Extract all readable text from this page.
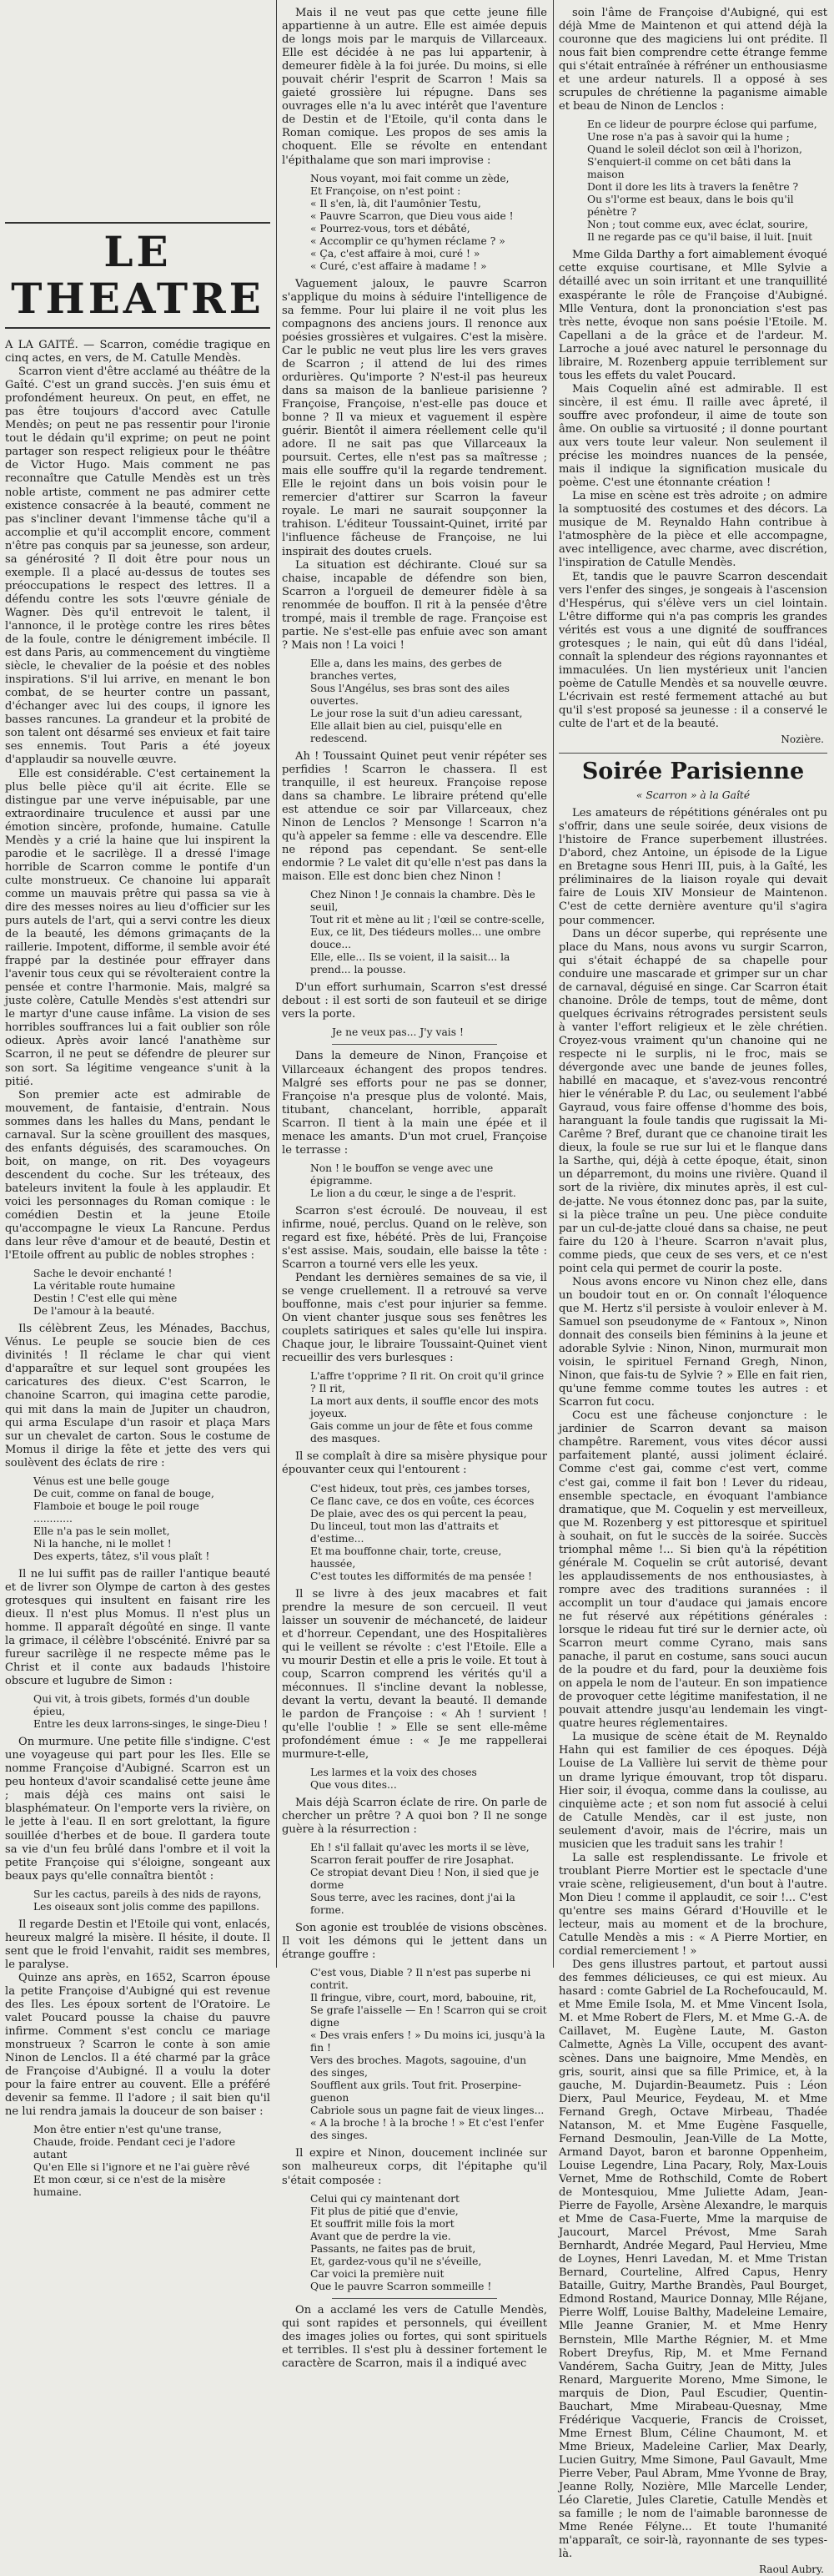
LE THEATRE

A LA GAITÉ. — Scarron, comédie tragique en cinq actes, en vers, de M. Catulle Mendès.

Scarron vient d'être acclamé au théâtre de la Gaîté. C'est un grand succès. J'en suis ému et profondément heureux. On peut, en effet, ne pas être toujours d'accord avec Catulle Mendès; on peut ne pas ressentir pour l'ironie tout le dédain qu'il exprime; on peut ne point partager son respect religieux pour le théâtre de Victor Hugo. Mais comment ne pas reconnaître que Catulle Mendès est un très noble artiste, comment ne pas admirer cette existence consacrée à la beauté, comment ne pas s'incliner devant l'immense tâche qu'il a accomplie et qu'il accomplit encore, comment n'être pas conquis par sa jeunesse, son ardeur, sa générosité ? Il doit être pour nous un exemple. Il a placé au-dessus de toutes ses préoccupations le respect des lettres. Il a défendu contre les sots l'œuvre géniale de Wagner. Dès qu'il entrevoit le talent, il l'annonce, il le protège contre les rires bêtes de la foule, contre le dénigrement imbécile. Il est dans Paris, au commencement du vingtième siècle, le chevalier de la poésie et des nobles inspirations. S'il lui arrive, en menant le bon combat, de se heurter contre un passant, d'échanger avec lui des coups, il ignore les basses rancunes. La grandeur et la probité de son talent ont désarmé ses envieux et fait taire ses ennemis. Tout Paris a été joyeux d'applaudir sa nouvelle œuvre.

Elle est considérable. C'est certainement la plus belle pièce qu'il ait écrite. Elle se distingue par une verve inépuisable, par une extraordinaire truculence et aussi par une émotion sincère, profonde, humaine. Catulle Mendès y a crié la haine que lui inspirent la parodie et le sacrilège. Il a dressé l'image horrible de Scarron comme le pontife d'un culte monstrueux. Ce chanoine lui apparaît comme un mauvais prêtre qui passa sa vie à dire des messes noires au lieu d'officier sur les purs autels de l'art, qui a servi contre les dieux de la beauté, les démons grimaçants de la raillerie. Impotent, difforme, il semble avoir été frappé par la destinée pour effrayer dans l'avenir tous ceux qui se révolteraient contre la pensée et contre l'harmonie. Mais, malgré sa juste colère, Catulle Mendès s'est attendri sur le martyr d'une cause infâme. La vision de ses horribles souffrances lui a fait oublier son rôle odieux. Après avoir lancé l'anathème sur Scarron, il ne peut se défendre de pleurer sur son sort. Sa légitime vengeance s'unit à la pitié.

Son premier acte est admirable de mouvement, de fantaisie, d'entrain. Nous sommes dans les halles du Mans, pendant le carnaval. Sur la scène grouillent des masques, des enfants déguisés, des scaramouches. On boit, on mange, on rit. Des voyageurs descendent du coche. Sur les tréteaux, des bateleurs invitent la foule à les applaudir. Et voici les personnages du Roman comique : le comédien Destin et la jeune Etoile qu'accompagne le vieux La Rancune. Perdus dans leur rêve d'amour et de beauté, Destin et l'Etoile offrent au public de nobles strophes :

Sache le devoir enchanté !
La véritable route humaine
Destin ! C'est elle qui mène
De l'amour à la beauté.

Ils célèbrent Zeus, les Ménades, Bacchus, Vénus. Le peuple se soucie bien de ces divinités ! Il réclame le char qui vient d'apparaître et sur lequel sont groupées les caricatures des dieux. C'est Scarron, le chanoine Scarron, qui imagina cette parodie, qui mit dans la main de Jupiter un chaudron, qui arma Esculape d'un rasoir et plaça Mars sur un chevalet de carton. Sous le costume de Momus il dirige la fête et jette des vers qui soulèvent des éclats de rire :

Vénus est une belle gouge
De cuit, comme on fanal de bouge,
Flamboie et bouge le poil rouge
............
Elle n'a pas le sein mollet,
Ni la hanche, ni le mollet !
Des experts, tâtez, s'il vous plaît !

Il ne lui suffit pas de railler l'antique beauté et de livrer son Olympe de carton à des gestes grotesques qui insultent en faisant rire les dieux. Il n'est plus Momus. Il n'est plus un homme. Il apparaît dégoûté en singe. Il vante la grimace, il célèbre l'obscénité. Enivré par sa fureur sacrilège il ne respecte même pas le Christ et il conte aux badauds l'histoire obscure et lugubre de Simon :

Qui vit, à trois gibets, formés d'un double épieu,
Entre les deux larrons-singes, le singe-Dieu !

On murmure. Une petite fille s'indigne. C'est une voyageuse qui part pour les Iles. Elle se nomme Françoise d'Aubigné. Scarron est un peu honteux d'avoir scandalisé cette jeune âme ; mais déjà ces mains ont saisi le blasphémateur. On l'emporte vers la rivière, on le jette à l'eau. Il en sort grelottant, la figure souillée d'herbes et de boue. Il gardera toute sa vie d'un feu brûlé dans l'ombre et il voit la petite Françoise qui s'éloigne, songeant aux beaux pays qu'elle connaîtra bientôt :

Sur les cactus, pareils à des nids de rayons,
Les oiseaux sont jolis comme des papillons.

Il regarde Destin et l'Etoile qui vont, enlacés, heureux malgré la misère. Il hésite, il doute. Il sent que le froid l'envahit, raidit ses membres, le paralyse.

Quinze ans après, en 1652, Scarron épouse la petite Françoise d'Aubigné qui est revenue des Iles. Les époux sortent de l'Oratoire. Le valet Poucard pousse la chaise du pauvre infirme. Comment s'est conclu ce mariage monstrueux ? Scarron le conte à son amie Ninon de Lenclos. Il a été charmé par la grâce de Françoise d'Aubigné. Il a voulu la doter pour la faire entrer au couvent. Elle a préféré devenir sa femme. Il l'adore ; il sait bien qu'il ne lui rendra jamais la douceur de son baiser :

Mon être entier n'est qu'une transe,
Chaude, froide. Pendant ceci je l'adore autant
Qu'en Elle si l'ignore et ne l'ai guère rêvé
Et mon cœur, si ce n'est de la misère humaine.

Mais il ne veut pas que cette jeune fille appartienne à un autre. Elle est aimée depuis de longs mois par le marquis de Villarceaux. Elle est décidée à ne pas lui appartenir, à demeurer fidèle à la foi jurée. Du moins, si elle pouvait chérir l'esprit de Scarron ! Mais sa gaieté grossière lui répugne. Dans ses ouvrages elle n'a lu avec intérêt que l'aventure de Destin et de l'Etoile, qu'il conta dans le Roman comique. Les propos de ses amis la choquent. Elle se révolte en entendant l'épithalame que son mari improvise :

Nous voyant, moi fait comme un zède,
Et Françoise, on n'est point :
« Il s'en, là, dit l'aumônier Testu,
« Pauvre Scarron, que Dieu vous aide !
« Pourrez-vous, tors et débâté,
« Accomplir ce qu'hymen réclame ? »
« Ça, c'est affaire à moi, curé ! »
« Curé, c'est affaire à madame ! »

Vaguement jaloux, le pauvre Scarron s'applique du moins à séduire l'intelligence de sa femme. Pour lui plaire il ne voit plus les compagnons des anciens jours. Il renonce aux poésies grossières et vulgaires. C'est la misère. Car le public ne veut plus lire les vers graves de Scarron ; il attend de lui des rimes ordurières. Qu'importe ? N'est-il pas heureux dans sa maison de la banlieue parisienne ? Françoise, Françoise, n'est-elle pas douce et bonne ? Il va mieux et vaguement il espère guérir. Bientôt il aimera réellement celle qu'il adore. Il ne sait pas que Villarceaux la poursuit. Certes, elle n'est pas sa maîtresse ; mais elle souffre qu'il la regarde tendrement. Elle le rejoint dans un bois voisin pour le remercier d'attirer sur Scarron la faveur royale. Le mari ne saurait soupçonner la trahison. L'éditeur Toussaint-Quinet, irrité par l'influence fâcheuse de Françoise, ne lui inspirait des doutes cruels.

La situation est déchirante. Cloué sur sa chaise, incapable de défendre son bien, Scarron a l'orgueil de demeurer fidèle à sa renommée de bouffon. Il rit à la pensée d'être trompé, mais il tremble de rage. Françoise est partie. Ne s'est-elle pas enfuie avec son amant ? Mais non ! La voici !

Elle a, dans les mains, des gerbes de branches vertes,
Sous l'Angélus, ses bras sont des ailes ouvertes.
Le jour rose la suit d'un adieu caressant,
Elle allait bien au ciel, puisqu'elle en redescend.

Ah ! Toussaint Quinet peut venir répéter ses perfidies ! Scarron le chassera. Il est tranquille, il est heureux. Françoise repose dans sa chambre. Le libraire prétend qu'elle est attendue ce soir par Villarceaux, chez Ninon de Lenclos ? Mensonge ! Scarron n'a qu'à appeler sa femme : elle va descendre. Elle ne répond pas cependant. Se sent-elle endormie ? Le valet dit qu'elle n'est pas dans la maison. Elle est donc bien chez Ninon !

Chez Ninon ! Je connais la chambre. Dès le seuil,
Tout rit et mène au lit ; l'œil se contre-scelle,
Eux, ce lit, Des tiédeurs molles... une ombre douce...
Elle, elle... Ils se voient, il la saisit... la prend... la pousse.

D'un effort surhumain, Scarron s'est dressé debout : il est sorti de son fauteuil et se dirige vers la porte.

Je ne veux pas... J'y vais !

Dans la demeure de Ninon, Françoise et Villarceaux échangent des propos tendres. Malgré ses efforts pour ne pas se donner, Françoise n'a presque plus de volonté. Mais, titubant, chancelant, horrible, apparaît Scarron. Il tient à la main une épée et il menace les amants. D'un mot cruel, Françoise le terrasse :

Non ! le bouffon se venge avec une épigramme.
Le lion a du cœur, le singe a de l'esprit.

Scarron s'est écroulé. De nouveau, il est infirme, noué, perclus. Quand on le relève, son regard est fixe, hébété. Près de lui, Françoise s'est assise. Mais, soudain, elle baisse la tête : Scarron a tourné vers elle les yeux.

Pendant les dernières semaines de sa vie, il se venge cruellement. Il a retrouvé sa verve bouffonne, mais c'est pour injurier sa femme. On vient chanter jusque sous ses fenêtres les couplets satiriques et sales qu'elle lui inspira. Chaque jour, le libraire Toussaint-Quinet vient recueillir des vers burlesques :

L'affre t'opprime ? Il rit. On croit qu'il grince ? Il rit,
La mort aux dents, il souffle encor des mots joyeux.
Gais comme un jour de fête et fous comme des masques.

Il se complaît à dire sa misère physique pour épouvanter ceux qui l'entourent :

C'est hideux, tout près, ces jambes torses,
Ce flanc cave, ce dos en voûte, ces écorces
De plaie, avec des os qui percent la peau,
Du linceul, tout mon las d'attraits et d'estime...
Et ma bouffonne chair, torte, creuse, haussée,
C'est toutes les difformités de ma pensée !

Il se livre à des jeux macabres et fait prendre la mesure de son cercueil. Il veut laisser un souvenir de méchanceté, de laideur et d'horreur. Cependant, une des Hospitalières qui le veillent se révolte : c'est l'Etoile. Elle a vu mourir Destin et elle a pris le voile. Et tout à coup, Scarron comprend les vérités qu'il a méconnues. Il s'incline devant la noblesse, devant la vertu, devant la beauté. Il demande le pardon de Françoise : « Ah ! survient ! qu'elle l'oublie ! » Elle se sent elle-même profondément émue : « Je me rappellerai murmure-t-elle,

Les larmes et la voix des choses
Que vous dites...

Mais déjà Scarron éclate de rire. On parle de chercher un prêtre ? A quoi bon ? Il ne songe guère à la résurrection :

Eh ! s'il fallait qu'avec les morts il se lève,
Scarron ferait pouffer de rire Josaphat.
Ce stropiat devant Dieu ! Non, il sied que je dorme
Sous terre, avec les racines, dont j'ai la forme.

Son agonie est troublée de visions obscènes. Il voit les démons qui le jettent dans un étrange gouffre :

C'est vous, Diable ? Il n'est pas superbe ni contrit.
Il fringue, vibre, court, mord, babouine, rit,
Se grafe l'aisselle — En ! Scarron qui se croit digne
« Des vrais enfers ! » Du moins ici, jusqu'à la fin !
Vers des broches. Magots, sagouine, d'un des singes,
Soufflent aux grils. Tout frit. Proserpine-guenon
Cabriole sous un pagne fait de vieux linges...
« A la broche ! à la broche ! » Et c'est l'enfer des singes.

Il expire et Ninon, doucement inclinée sur son malheureux corps, dit l'épitaphe qu'il s'était composée :

Celui qui cy maintenant dort
Fit plus de pitié que d'envie,
Et souffrit mille fois la mort
Avant que de perdre la vie.
Passants, ne faites pas de bruit,
Et, gardez-vous qu'il ne s'éveille,
Car voici la première nuit
Que le pauvre Scarron sommeille !

On a acclamé les vers de Catulle Mendès, qui sont rapides et personnels, qui éveillent des images jolies ou fortes, qui sont spirituels et terribles. Il s'est plu à dessiner fortement le caractère de Scarron, mais il a indiqué avec

soin l'âme de Françoise d'Aubigné, qui est déjà Mme de Maintenon et qui attend déjà la couronne que des magiciens lui ont prédite. Il nous fait bien comprendre cette étrange femme qui s'était entraînée à réfréner un enthousiasme et une ardeur naturels. Il a opposé à ses scrupules de chrétienne la paganisme aimable et beau de Ninon de Lenclos :

En ce lideur de pourpre éclose qui parfume,
Une rose n'a pas à savoir qui la hume ;
Quand le soleil déclot son œil à l'horizon,
S'enquiert-il comme on cet bâti dans la maison
Dont il dore les lits à travers la fenêtre ?
Ou s'l'orme est beaux, dans le bois qu'il pénètre ?
Non ; tout comme eux, avec éclat, sourire,
Il ne regarde pas ce qu'il baise, il luit. [nuit

Mme Gilda Darthy a fort aimablement évoqué cette exquise courtisane, et Mlle Sylvie a détaillé avec un soin irritant et une tranquillité exaspérante le rôle de Françoise d'Aubigné. Mlle Ventura, dont la prononciation s'est pas très nette, évoque non sans poésie l'Etoile. M. Capellani a de la grâce et de l'ardeur. M. Larroche a joué avec naturel le personnage du libraire, M. Rozenberg appuie terriblement sur tous les effets du valet Poucard.

Mais Coquelin aîné est admirable. Il est sincère, il est ému. Il raille avec âpreté, il souffre avec profondeur, il aime de toute son âme. On oublie sa virtuosité ; il donne pourtant aux vers toute leur valeur. Non seulement il précise les moindres nuances de la pensée, mais il indique la signification musicale du poème. C'est une étonnante création !

La mise en scène est très adroite ; on admire la somptuosité des costumes et des décors. La musique de M. Reynaldo Hahn contribue à l'atmosphère de la pièce et elle accompagne, avec intelligence, avec charme, avec discrétion, l'inspiration de Catulle Mendès.

Et, tandis que le pauvre Scarron descendait vers l'enfer des singes, je songeais à l'ascension d'Hespérus, qui s'élève vers un ciel lointain. L'être difforme qui n'a pas compris les grandes vérités est vous a une dignité de souffrances grotesques ; le nain, qui eût dû dans l'idéal, connaît la splendeur des régions rayonnantes et immaculées. Un lien mystérieux unit l'ancien poème de Catulle Mendès et sa nouvelle œuvre. L'écrivain est resté fermement attaché au but qu'il s'est proposé sa jeunesse : il a conservé le culte de l'art et de la beauté.

Nozière.

Soirée Parisienne

« Scarron » à la Gaîté

Les amateurs de répétitions générales ont pu s'offrir, dans une seule soirée, deux visions de l'histoire de France superbement illustrées. D'abord, chez Antoine, un épisode de la Ligue en Bretagne sous Henri III, puis, à la Gaîté, les préliminaires de la liaison royale qui devait faire de Louis XIV Monsieur de Maintenon. C'est de cette dernière aventure qu'il s'agira pour commencer.

Dans un décor superbe, qui représente une place du Mans, nous avons vu surgir Scarron, qui s'était échappé de sa chapelle pour conduire une mascarade et grimper sur un char de carnaval, déguisé en singe. Car Scarron était chanoine. Drôle de temps, tout de même, dont quelques écrivains rétrogrades persistent seuls à vanter l'effort religieux et le zèle chrétien. Croyez-vous vraiment qu'un chanoine qui ne respecte ni le surplis, ni le froc, mais se dévergonde avec une bande de jeunes folles, habillé en macaque, et s'avez-vous rencontré hier le vénérable P. du Lac, ou seulement l'abbé Gayraud, vous faire offense d'homme des bois, haranguant la foule tandis que rugissait la Mi-Carême ? Bref, durant que ce chanoine tirait les dieux, la foule se rue sur lui et le flanque dans la Sarthe, qui, déjà à cette époque, était, sinon un déparremont, du moins une rivière. Quand il sort de la rivière, dix minutes après, il est cul-de-jatte. Ne vous étonnez donc pas, par la suite, si la pièce traîne un peu. Une pièce conduite par un cul-de-jatte cloué dans sa chaise, ne peut faire du 120 à l'heure. Scarron n'avait plus, comme pieds, que ceux de ses vers, et ce n'est point cela qui permet de courir la poste.

Nous avons encore vu Ninon chez elle, dans un boudoir tout en or. On connaît l'éloquence que M. Hertz s'il persiste à vouloir enlever à M. Samuel son pseudonyme de « Fantoux », Ninon donnait des conseils bien féminins à la jeune et adorable Sylvie : Ninon, Ninon, murmurait mon voisin, le spirituel Fernand Gregh, Ninon, Ninon, que fais-tu de Sylvie ? » Elle en fait rien, qu'une femme comme toutes les autres : et Scarron fut cocu.

Cocu est une fâcheuse conjoncture : le jardinier de Scarron devant sa maison champêtre. Rarement, vous vites décor aussi parfaitement planté, aussi joliment éclairé. Comme c'est gai, comme c'est vert, comme c'est gai, comme il fait bon ! Lever du rideau, ensemble spectacle, en évoquant l'ambiance dramatique, que M. Coquelin y est merveilleux, que M. Rozenberg y est pittoresque et spirituel à souhait, on fut le succès de la soirée. Succès triomphal même !... Si bien qu'à la répétition générale M. Coquelin se crût autorisé, devant les applaudissements de nos enthousiastes, à rompre avec des traditions surannées : il accomplit un tour d'audace qui jamais encore ne fut réservé aux répétitions générales : lorsque le rideau fut tiré sur le dernier acte, où Scarron meurt comme Cyrano, mais sans panache, il parut en costume, sans souci aucun de la poudre et du fard, pour la deuxième fois on appela le nom de l'auteur. En son impatience de provoquer cette légitime manifestation, il ne pouvait attendre jusqu'au lendemain les vingt-quatre heures réglementaires.

La musique de scène était de M. Reynaldo Hahn qui est familier de ces époques. Déjà Louise de La Vallière lui servit de thème pour un drame lyrique émouvant, trop tôt disparu. Hier soir, il évoqua, comme dans la coulisse, au cinquième acte ; et son nom fut associé à celui de Catulle Mendès, car il est juste, non seulement d'avoir, mais de l'écrire, mais un musicien que les traduit sans les trahir !

La salle est resplendissante. Le frivole et troublant Pierre Mortier est le spectacle d'une vraie scène, religieusement, d'un bout à l'autre. Mon Dieu ! comme il applaudit, ce soir !... C'est qu'entre ses mains Gérard d'Houville et le lecteur, mais au moment et de la brochure, Catulle Mendès a mis : « A Pierre Mortier, en cordial remerciement ! »

Des gens illustres partout, et partout aussi des femmes délicieuses, ce qui est mieux. Au hasard : comte Gabriel de La Rochefoucauld, M. et Mme Emile Isola, M. et Mme Vincent Isola, M. et Mme Robert de Flers, M. et Mme G.-A. de Caillavet, M. Eugène Laute, M. Gaston Calmette, Agnès La Ville, occupent des avant-scènes. Dans une baignoire, Mme Mendès, en gris, sourit, ainsi que sa fille Primice, et, à la gauche, M. Dujardin-Beaumetz. Puis : Léon Dierx, Paul Meurice, Feydeau, M. et Mme Fernand Gregh, Octave Mirbeau, Thadée Natanson, M. et Mme Eugène Fasquelle, Fernand Desmoulin, Jean-Ville de La Motte, Armand Dayot, baron et baronne Oppenheim, Louise Legendre, Lina Pacary, Roly, Max-Louis Vernet, Mme de Rothschild, Comte de Robert de Montesquiou, Mme Juliette Adam, Jean-Pierre de Fayolle, Arsène Alexandre, le marquis et Mme de Casa-Fuerte, Mme la marquise de Jaucourt, Marcel Prévost, Mme Sarah Bernhardt, Andrée Megard, Paul Hervieu, Mme de Loynes, Henri Lavedan, M. et Mme Tristan Bernard, Courteline, Alfred Capus, Henry Bataille, Guitry, Marthe Brandès, Paul Bourget, Edmond Rostand, Maurice Donnay, Mlle Réjane, Pierre Wolff, Louise Balthy, Madeleine Lemaire, Mlle Jeanne Granier, M. et Mme Henry Bernstein, Mlle Marthe Régnier, M. et Mme Robert Dreyfus, Rip, M. et Mme Fernand Vandérem, Sacha Guitry, Jean de Mitty, Jules Renard, Marguerite Moreno, Mme Simone, le marquis de Dion, Paul Escudier, Quentin-Bauchart, Mme Mirabeau-Quesnay, Mme Frédérique Vacquerie, Francis de Croisset, Mme Ernest Blum, Céline Chaumont, M. et Mme Brieux, Madeleine Carlier, Max Dearly, Lucien Guitry, Mme Simone, Paul Gavault, Mme Pierre Veber, Paul Abram, Mme Yvonne de Bray, Jeanne Rolly, Nozière, Mlle Marcelle Lender, Léo Claretie, Jules Claretie, Catulle Mendès et sa famille ; le nom de l'aimable baronnesse de Mme Renée Félyne... Et toute l'humanité m'apparaît, ce soir-là, rayonnante de ses types-là.

Raoul Aubry.
